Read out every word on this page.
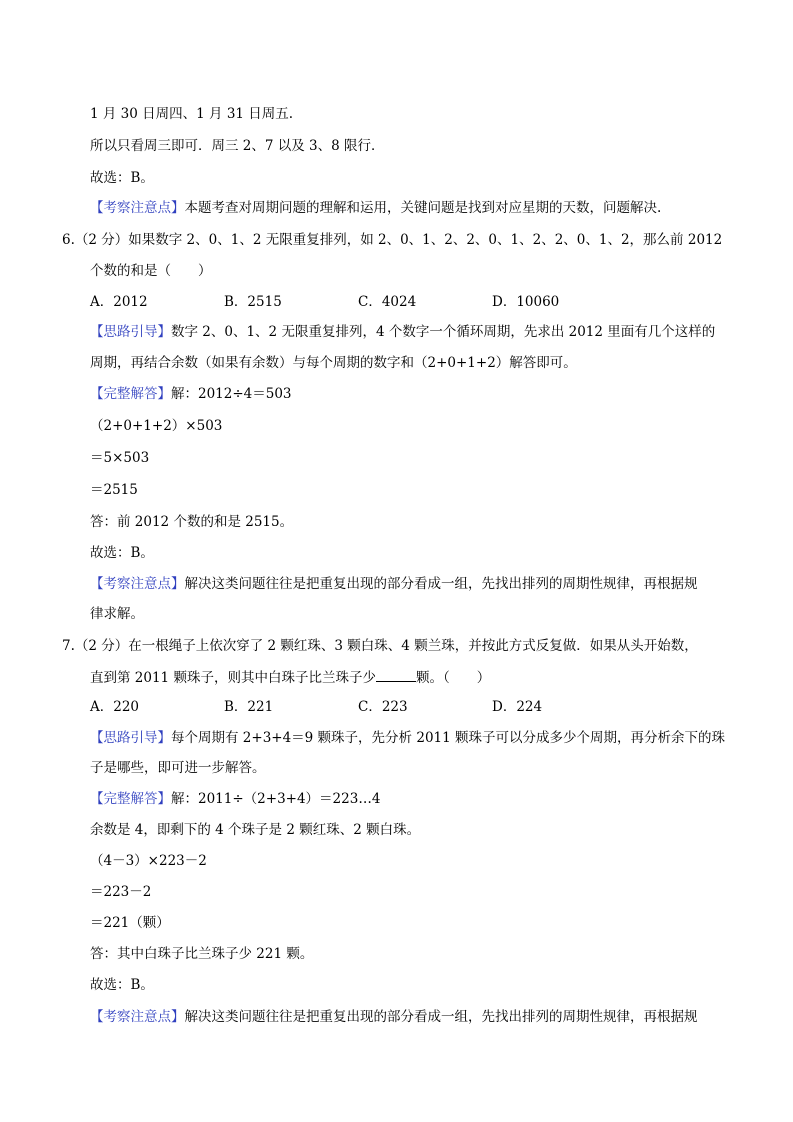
1 月 30 日周四、1 月 31 日周五.
所以只看周三即可．周三 2、7 以及 3、8 限行．
故选：B。
【考察注意点】本题考查对周期问题的理解和运用，关键问题是找到对应星期的天数，问题解决.
6.（2 分）如果数字 2、0、1、2 无限重复排列，如 2、0、1、2、2、0、1、2、2、0、1、2，那么前 2012
个数的和是（　　）
A．2012	B．2515	C．4024	D．10060
【思路引导】数字 2、0、1、2 无限重复排列，4 个数字一个循环周期，先求出 2012 里面有几个这样的
周期，再结合余数（如果有余数）与每个周期的数字和（2+0+1+2）解答即可。
【完整解答】解：2012÷4＝503
（2+0+1+2）×503
＝5×503
＝2515
答：前 2012 个数的和是 2515。
故选：B。
【考察注意点】解决这类问题往往是把重复出现的部分看成一组，先找出排列的周期性规律，再根据规
律求解。
7.（2 分）在一根绳子上依次穿了 2 颗红珠、3 颗白珠、4 颗兰珠，并按此方式反复做．如果从头开始数，
直到第 2011 颗珠子，则其中白珠子比兰珠子少	颗。（　　）
A．220	B．221	C．223	D．224
【思路引导】每个周期有 2+3+4＝9 颗珠子，先分析 2011 颗珠子可以分成多少个周期，再分析余下的珠
子是哪些，即可进一步解答。
【完整解答】解：2011÷（2+3+4）＝223…4
余数是 4，即剩下的 4 个珠子是 2 颗红珠、2 颗白珠。
（4－3）×223－2
＝223－2
＝221（颗）
答：其中白珠子比兰珠子少 221 颗。
故选：B。
【考察注意点】解决这类问题往往是把重复出现的部分看成一组，先找出排列的周期性规律，再根据规
